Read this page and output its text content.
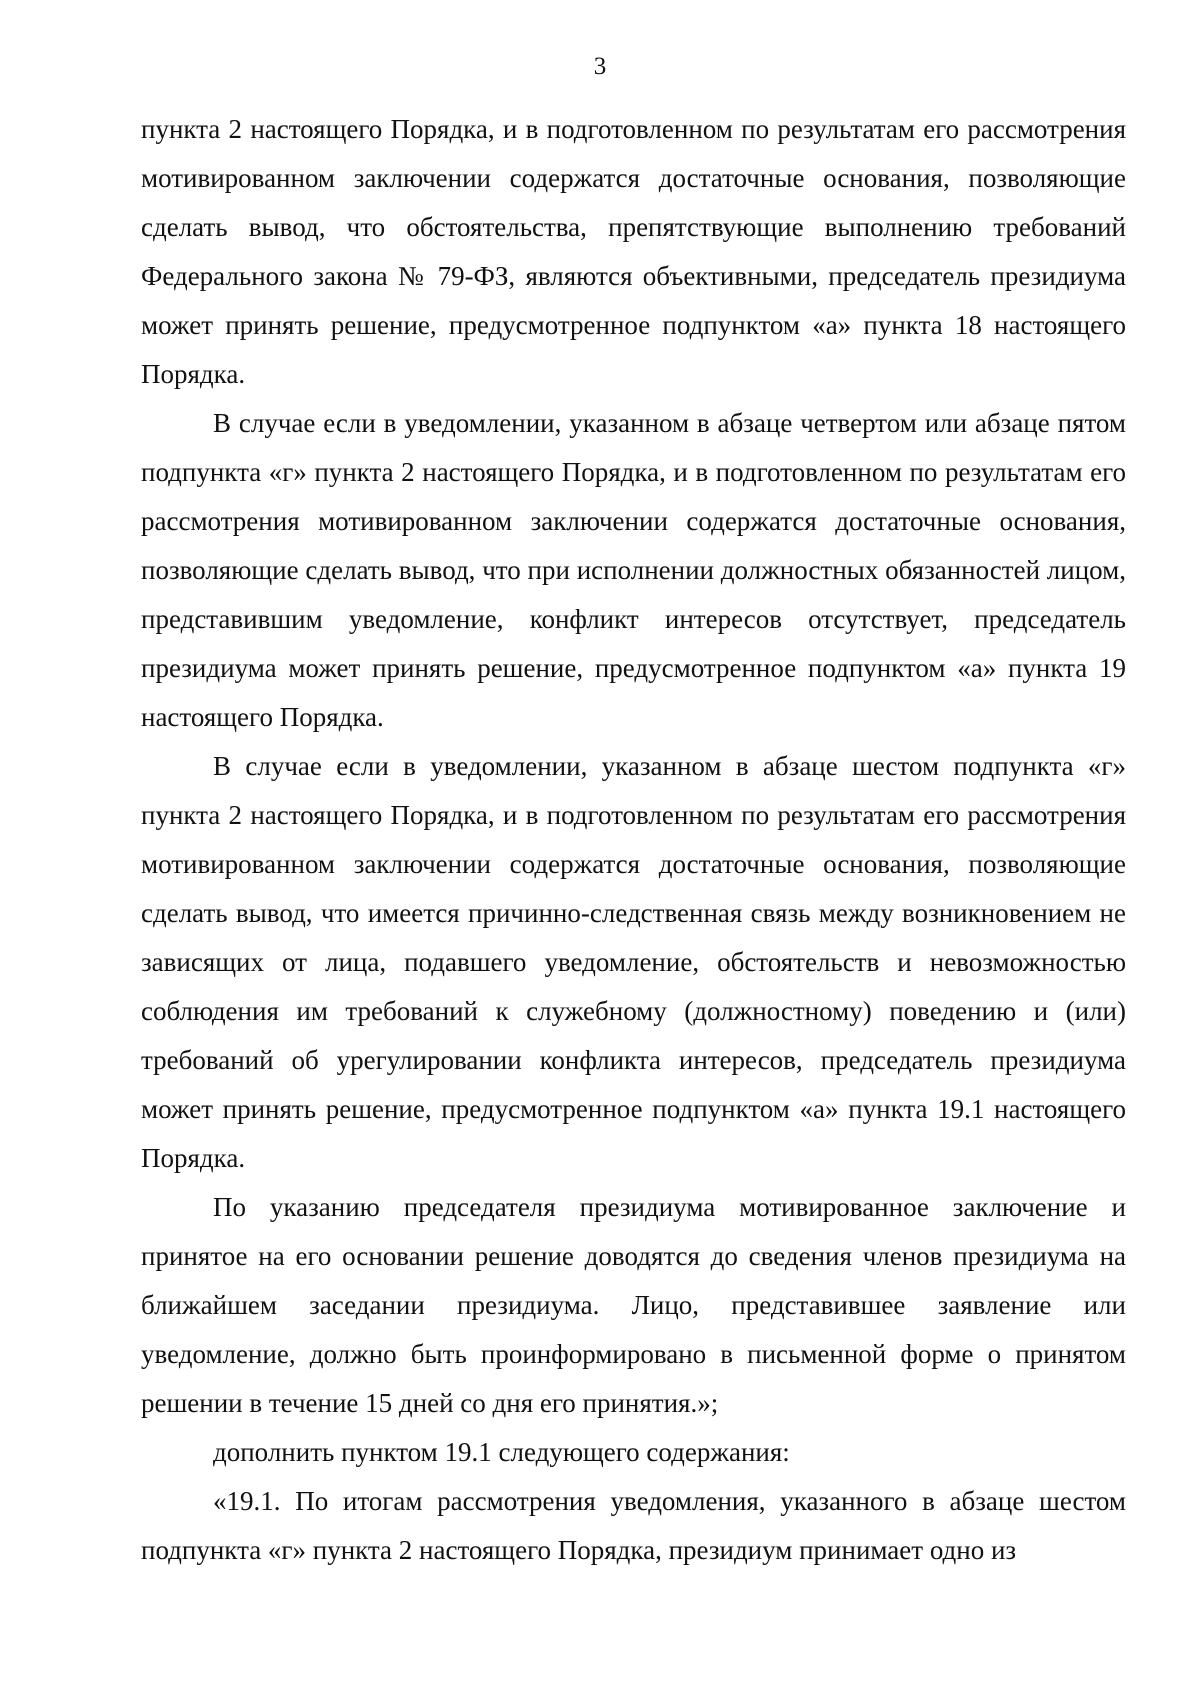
3

пункта 2 настоящего Порядка, и в подготовленном по результатам его рассмотрения мотивированном заключении содержатся достаточные основания, позволяющие сделать вывод, что обстоятельства, препятствующие выполнению требований Федерального закона № 79-ФЗ, являются объективными, председатель президиума может принять решение, предусмотренное подпунктом «а» пункта 18 настоящего Порядка.

В случае если в уведомлении, указанном в абзаце четвертом или абзаце пятом подпункта «г» пункта 2 настоящего Порядка, и в подготовленном по результатам его рассмотрения мотивированном заключении содержатся достаточные основания, позволяющие сделать вывод, что при исполнении должностных обязанностей лицом, представившим уведомление, конфликт интересов отсутствует, председатель президиума может принять решение, предусмотренное подпунктом «а» пункта 19 настоящего Порядка.

В случае если в уведомлении, указанном в абзаце шестом подпункта «г» пункта 2 настоящего Порядка, и в подготовленном по результатам его рассмотрения мотивированном заключении содержатся достаточные основания, позволяющие сделать вывод, что имеется причинно-следственная связь между возникновением не зависящих от лица, подавшего уведомление, обстоятельств и невозможностью соблюдения им требований к служебному (должностному) поведению и (или) требований об урегулировании конфликта интересов, председатель президиума может принять решение, предусмотренное подпунктом «а» пункта 19.1 настоящего Порядка.

По указанию председателя президиума мотивированное заключение и принятое на его основании решение доводятся до сведения членов президиума на ближайшем заседании президиума. Лицо, представившее заявление или уведомление, должно быть проинформировано в письменной форме о принятом решении в течение 15 дней со дня его принятия.»;

дополнить пунктом 19.1 следующего содержания:

«19.1. По итогам рассмотрения уведомления, указанного в абзаце шестом подпункта «г» пункта 2 настоящего Порядка, президиум принимает одно из
